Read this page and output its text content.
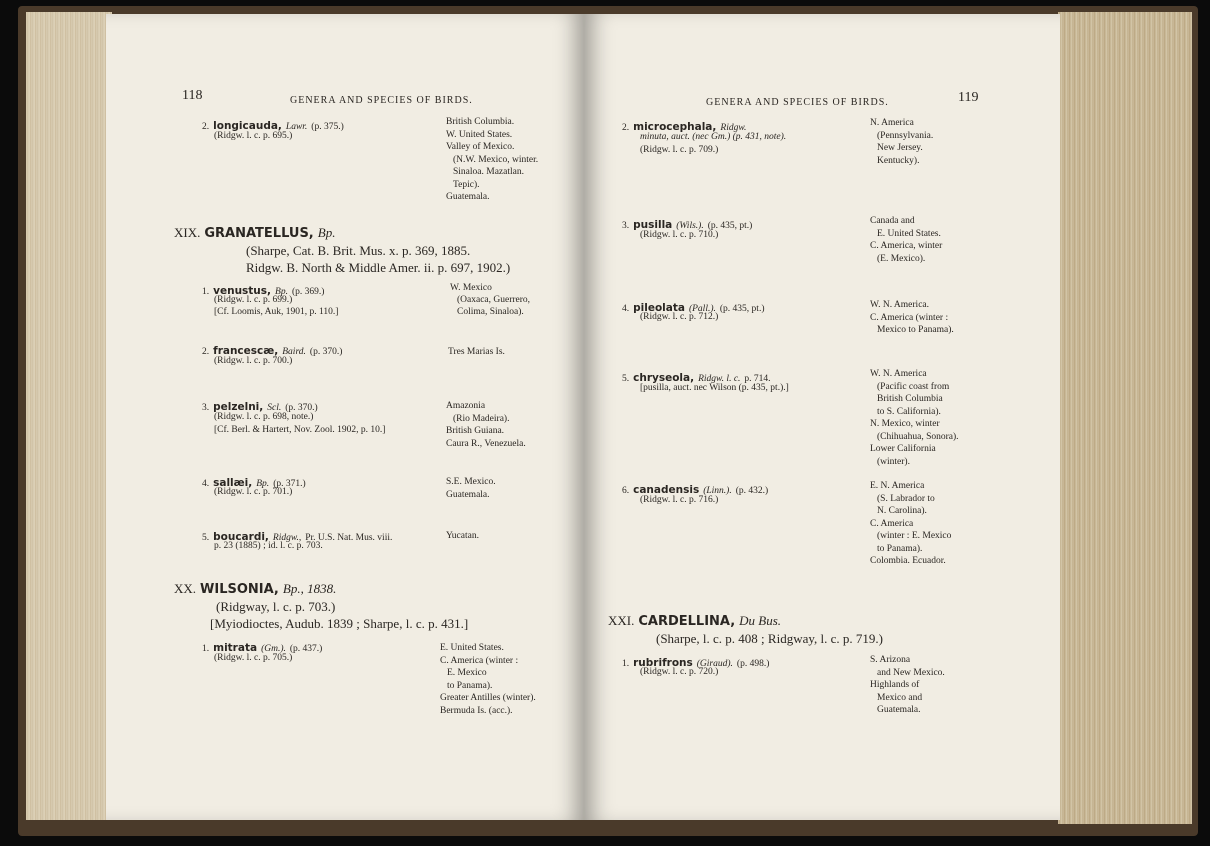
118	GENERA AND SPECIES OF BIRDS.
2. longicauda, Lawr. (p. 375.)
(Ridgw. l. c. p. 695.)
British Columbia.
W. United States.
Valley of Mexico.
(N.W. Mexico, winter.
Sinaloa. Mazatlan.
Tepic).
Guatemala.
XIX. GRANATELLUS, Bp.
(Sharpe, Cat. B. Brit. Mus. x. p. 369, 1885.
Ridgw. B. North & Middle Amer. ii. p. 697, 1902.)
1. venustus, Bp. (p. 369.)
(Ridgw. l. c. p. 699.)
[Cf. Loomis, Auk, 1901, p. 110.]
W. Mexico
(Oaxaca, Guerrero,
Colima, Sinaloa).
2. francescæ, Baird. (p. 370.)
(Ridgw. l. c. p. 700.)
Tres Marias Is.
3. pelzelni, Scl. (p. 370.)
(Ridgw. l. c. p. 698, note.)
[Cf. Berl. & Hartert, Nov. Zool. 1902, p. 10.]
Amazonia
(Rio Madeira).
British Guiana.
Caura R., Venezuela.
4. sallæi, Bp. (p. 371.)
(Ridgw. l. c. p. 701.)
S.E. Mexico.
Guatemala.
5. boucardi, Ridgw., Pr. U.S. Nat. Mus. viii.
p. 23 (1885) ; id. l. c. p. 703.
Yucatan.
XX. WILSONIA, Bp., 1838.
(Ridgway, l. c. p. 703.)
[Myiodioctes, Audub. 1839 ; Sharpe, l. c. p. 431.]
1. mitrata (Gm.). (p. 437.)
(Ridgw. l. c. p. 705.)
E. United States.
C. America (winter :
E. Mexico
to Panama).
Greater Antilles (winter).
Bermuda Is. (acc.).
GENERA AND SPECIES OF BIRDS.	119
2. microcephala, Ridgw.
minuta, auct. (nec Gm.) (p. 431, note).
(Ridgw. l. c. p. 709.)
N. America
(Pennsylvania.
New Jersey.
Kentucky).
3. pusilla (Wils.). (p. 435, pt.)
(Ridgw. l. c. p. 710.)
Canada and
E. United States.
C. America, winter
(E. Mexico).
4. pileolata (Pall.). (p. 435, pt.)
(Ridgw. l. c. p. 712.)
W. N. America.
C. America (winter :
Mexico to Panama).
5. chryseola, Ridgw. l. c. p. 714.
[pusilla, auct. nec Wilson (p. 435, pt.).]
W. N. America
(Pacific coast from
British Columbia
to S. California).
N. Mexico, winter
(Chihuahua, Sonora).
Lower California
(winter).
6. canadensis (Linn.). (p. 432.)
(Ridgw. l. c. p. 716.)
E. N. America
(S. Labrador to
N. Carolina).
C. America
(winter : E. Mexico
to Panama).
Colombia. Ecuador.
XXI. CARDELLINA, Du Bus.
(Sharpe, l. c. p. 408 ; Ridgway, l. c. p. 719.)
1. rubrifrons (Giraud). (p. 498.)
(Ridgw. l. c. p. 720.)
S. Arizona
and New Mexico.
Highlands of
Mexico and
Guatemala.
